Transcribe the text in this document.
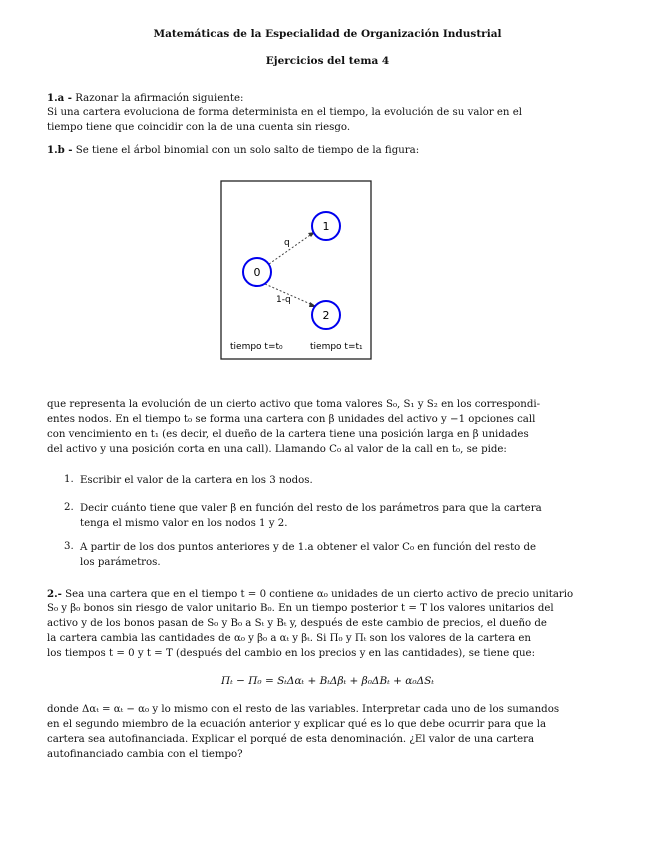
Matemáticas de la Especialidad de Organización Industrial
Ejercicios del tema 4
1.a - Razonar la afirmación siguiente:
Si una cartera evoluciona de forma determinista en el tiempo, la evolución de su valor en el
tiempo tiene que coincidir con la de una cuenta sin riesgo.
1.b - Se tiene el árbol binomial con un solo salto de tiempo de la figura:
0
1
2
q
1-q
tiempo t=t₀	tiempo t=t₁
que representa la evolución de un cierto activo que toma valores S₀, S₁ y S₂ en los correspondi-
entes nodos. En el tiempo t₀ se forma una cartera con β unidades del activo y −1 opciones call
con vencimiento en t₁ (es decir, el dueño de la cartera tiene una posición larga en β unidades
del activo y una posición corta en una call). Llamando C₀ al valor de la call en t₀, se pide:
1. Escribir el valor de la cartera en los 3 nodos.
2. Decir cuánto tiene que valer β en función del resto de los parámetros para que la cartera
tenga el mismo valor en los nodos 1 y 2.
3. A partir de los dos puntos anteriores y de 1.a obtener el valor C₀ en función del resto de
los parámetros.
2.- Sea una cartera que en el tiempo t = 0 contiene α₀ unidades de un cierto activo de precio unitario
S₀ y β₀ bonos sin riesgo de valor unitario B₀. En un tiempo posterior t = T los valores unitarios del
activo y de los bonos pasan de S₀ y B₀ a Sₜ y Bₜ y, después de este cambio de precios, el dueño de
la cartera cambia las cantidades de α₀ y β₀ a αₜ y βₜ. Si Π₀ y Πₜ son los valores de la cartera en
los tiempos t = 0 y t = T (después del cambio en los precios y en las cantidades), se tiene que:
Πₜ − Π₀ = SₜΔαₜ + BₜΔβₜ + β₀ΔBₜ + α₀ΔSₜ
donde Δαₜ = αₜ − α₀ y lo mismo con el resto de las variables. Interpretar cada uno de los sumandos
en el segundo miembro de la ecuación anterior y explicar qué es lo que debe ocurrir para que la
cartera sea autofinanciada. Explicar el porqué de esta denominación. ¿El valor de una cartera
autofinanciado cambia con el tiempo?
